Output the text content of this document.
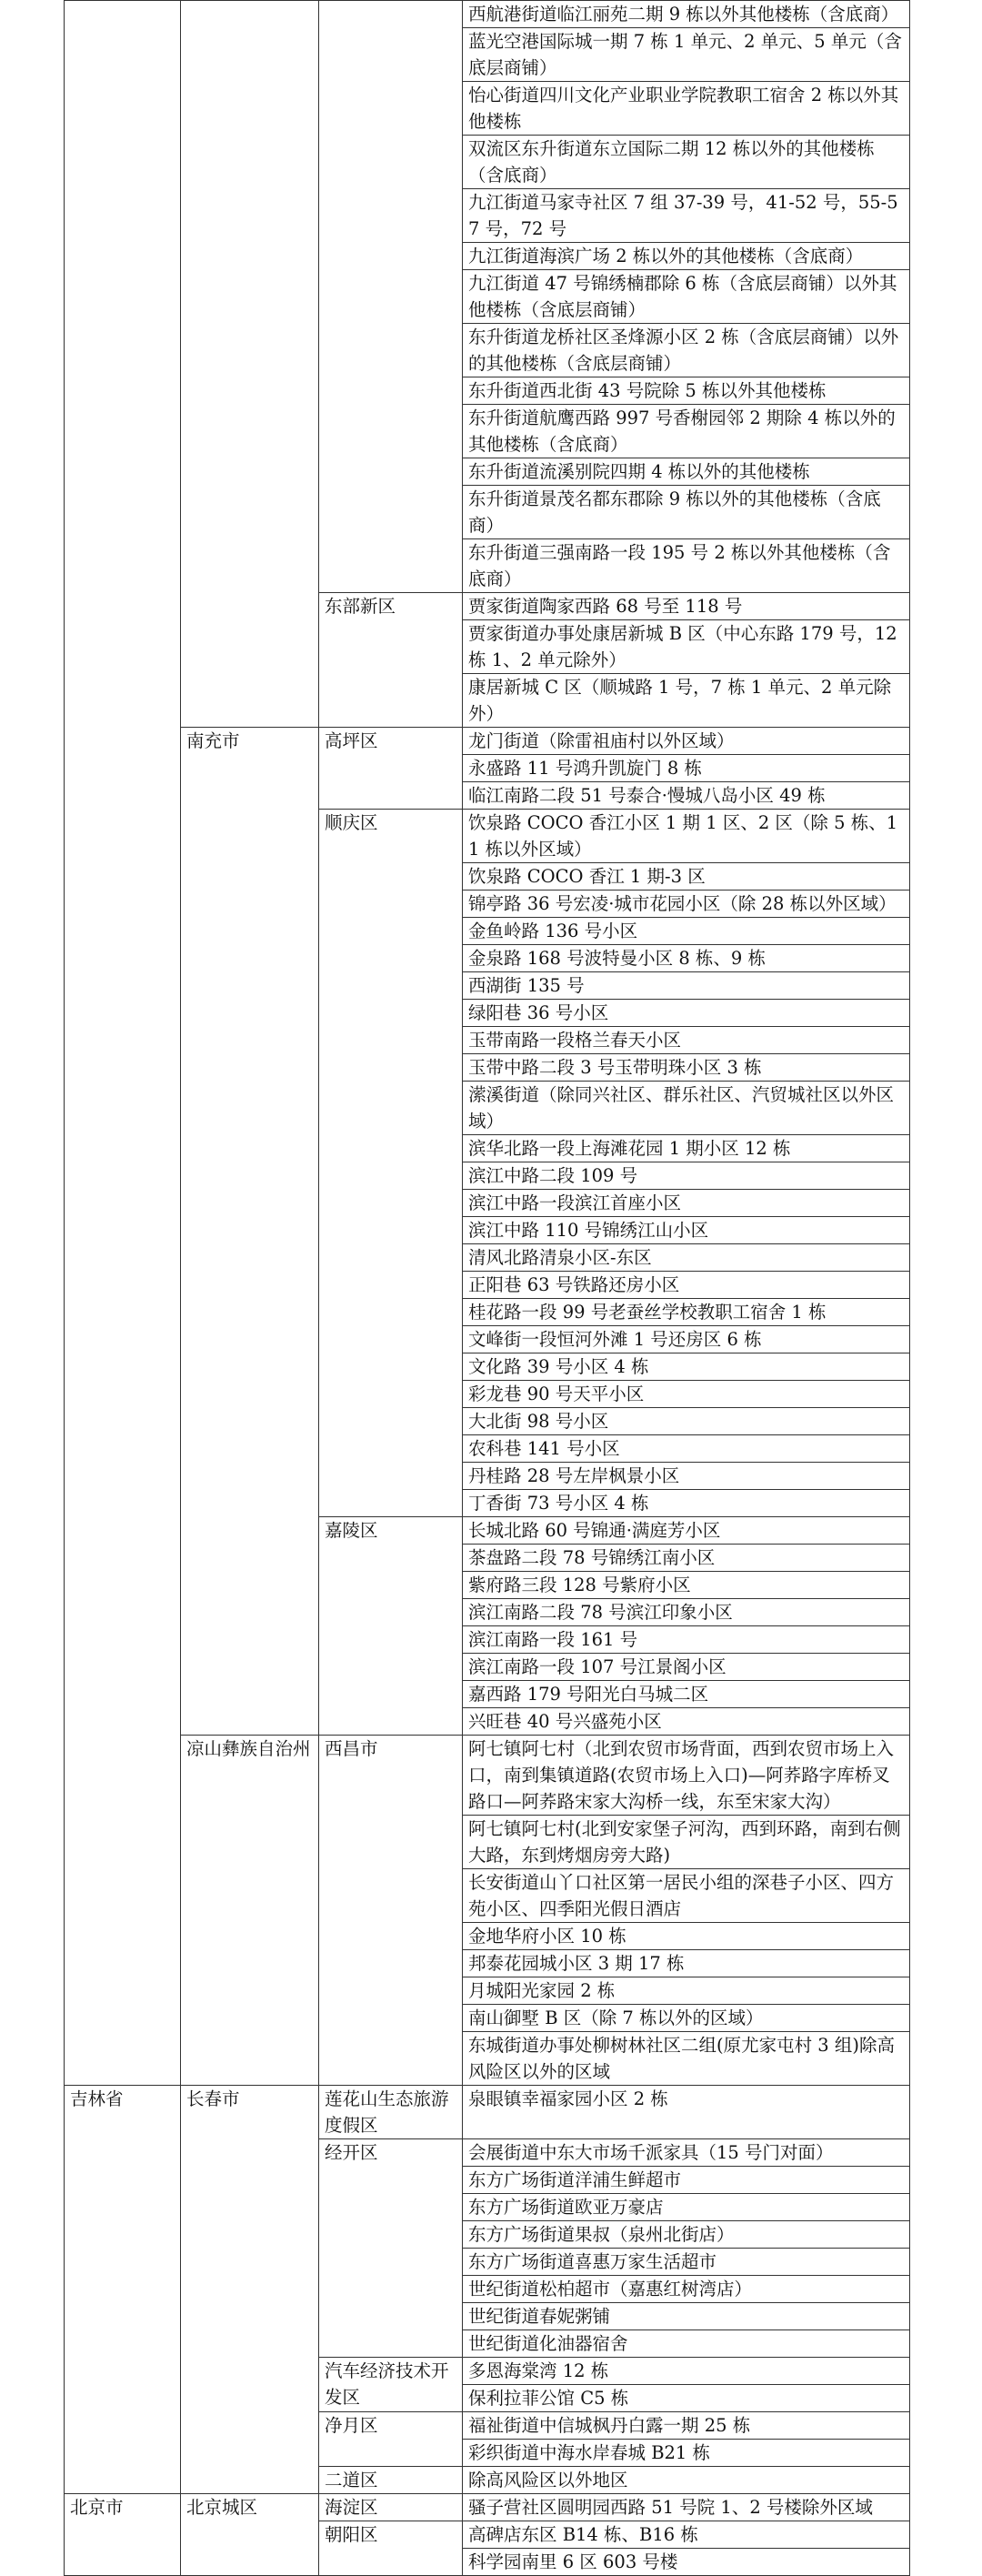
			西航港街道临江丽苑二期 9 栋以外其他楼栋（含底商）
			蓝光空港国际城一期 7 栋 1 单元、2 单元、5 单元（含底层商铺）
			怡心街道四川文化产业职业学院教职工宿舍 2 栋以外其他楼栋
			双流区东升街道东立国际二期 12 栋以外的其他楼栋（含底商）
			九江街道马家寺社区 7 组 37-39 号，41-52 号，55-57 号，72 号
			九江街道海滨广场 2 栋以外的其他楼栋（含底商）
			九江街道 47 号锦绣楠郡除 6 栋（含底层商铺）以外其他楼栋（含底层商铺）
			东升街道龙桥社区圣烽源小区 2 栋（含底层商铺）以外的其他楼栋（含底层商铺）
			东升街道西北街 43 号院除 5 栋以外其他楼栋
			东升街道航鹰西路 997 号香榭园邻 2 期除 4 栋以外的其他楼栋（含底商）
			东升街道流溪别院四期 4 栋以外的其他楼栋
			东升街道景茂名都东郡除 9 栋以外的其他楼栋（含底商）
			东升街道三强南路一段 195 号 2 栋以外其他楼栋（含底商）
		东部新区	贾家街道陶家西路 68 号至 118 号
			贾家街道办事处康居新城 B 区（中心东路 179 号，12 栋 1、2 单元除外）
			康居新城 C 区（顺城路 1 号，7 栋 1 单元、2 单元除外）
	南充市	高坪区	龙门街道（除雷祖庙村以外区域）
			永盛路 11 号鸿升凯旋门 8 栋
			临江南路二段 51 号泰合·慢城八岛小区 49 栋
		顺庆区	饮泉路 COCO 香江小区 1 期 1 区、2 区（除 5 栋、11 栋以外区域）
			饮泉路 COCO 香江 1 期-3 区
			锦亭路 36 号宏凌·城市花园小区（除 28 栋以外区域）
			金鱼岭路 136 号小区
			金泉路 168 号波特曼小区 8 栋、9 栋
			西湖街 135 号
			绿阳巷 36 号小区
			玉带南路一段格兰春天小区
			玉带中路二段 3 号玉带明珠小区 3 栋
			潆溪街道（除同兴社区、群乐社区、汽贸城社区以外区域）
			滨华北路一段上海滩花园 1 期小区 12 栋
			滨江中路二段 109 号
			滨江中路一段滨江首座小区
			滨江中路 110 号锦绣江山小区
			清风北路清泉小区-东区
			正阳巷 63 号铁路还房小区
			桂花路一段 99 号老蚕丝学校教职工宿舍 1 栋
			文峰街一段恒河外滩 1 号还房区 6 栋
			文化路 39 号小区 4 栋
			彩龙巷 90 号天平小区
			大北街 98 号小区
			农科巷 141 号小区
			丹桂路 28 号左岸枫景小区
			丁香街 73 号小区 4 栋
		嘉陵区	长城北路 60 号锦通·满庭芳小区
			茶盘路二段 78 号锦绣江南小区
			紫府路三段 128 号紫府小区
			滨江南路二段 78 号滨江印象小区
			滨江南路一段 161 号
			滨江南路一段 107 号江景阁小区
			嘉西路 179 号阳光白马城二区
			兴旺巷 40 号兴盛苑小区
	凉山彝族自治州	西昌市	阿七镇阿七村（北到农贸市场背面，西到农贸市场上入口，南到集镇道路(农贸市场上入口)—阿荞路字库桥叉路口—阿荞路宋家大沟桥一线，东至宋家大沟）
			阿七镇阿七村(北到安家堡子河沟，西到环路，南到右侧大路，东到烤烟房旁大路)
			长安街道山丫口社区第一居民小组的深巷子小区、四方苑小区、四季阳光假日酒店
			金地华府小区 10 栋
			邦泰花园城小区 3 期 17 栋
			月城阳光家园 2 栋
			南山御墅 B 区（除 7 栋以外的区域）
			东城街道办事处柳树林社区二组(原尤家屯村 3 组)除高风险区以外的区域
吉林省	长春市	莲花山生态旅游度假区	泉眼镇幸福家园小区 2 栋
		经开区	会展街道中东大市场千派家具（15 号门对面）
			东方广场街道洋浦生鲜超市
			东方广场街道欧亚万豪店
			东方广场街道果叔（泉州北街店）
			东方广场街道喜惠万家生活超市
			世纪街道松柏超市（嘉惠红树湾店）
			世纪街道春妮粥铺
			世纪街道化油器宿舍
		汽车经济技术开发区	多恩海棠湾 12 栋
			保利拉菲公馆 C5 栋
		净月区	福祉街道中信城枫丹白露一期 25 栋
			彩织街道中海水岸春城 B21 栋
		二道区	除高风险区以外地区
北京市	北京城区	海淀区	骚子营社区圆明园西路 51 号院 1、2 号楼除外区域
		朝阳区	高碑店东区 B14 栋、B16 栋
			科学园南里 6 区 603 号楼
